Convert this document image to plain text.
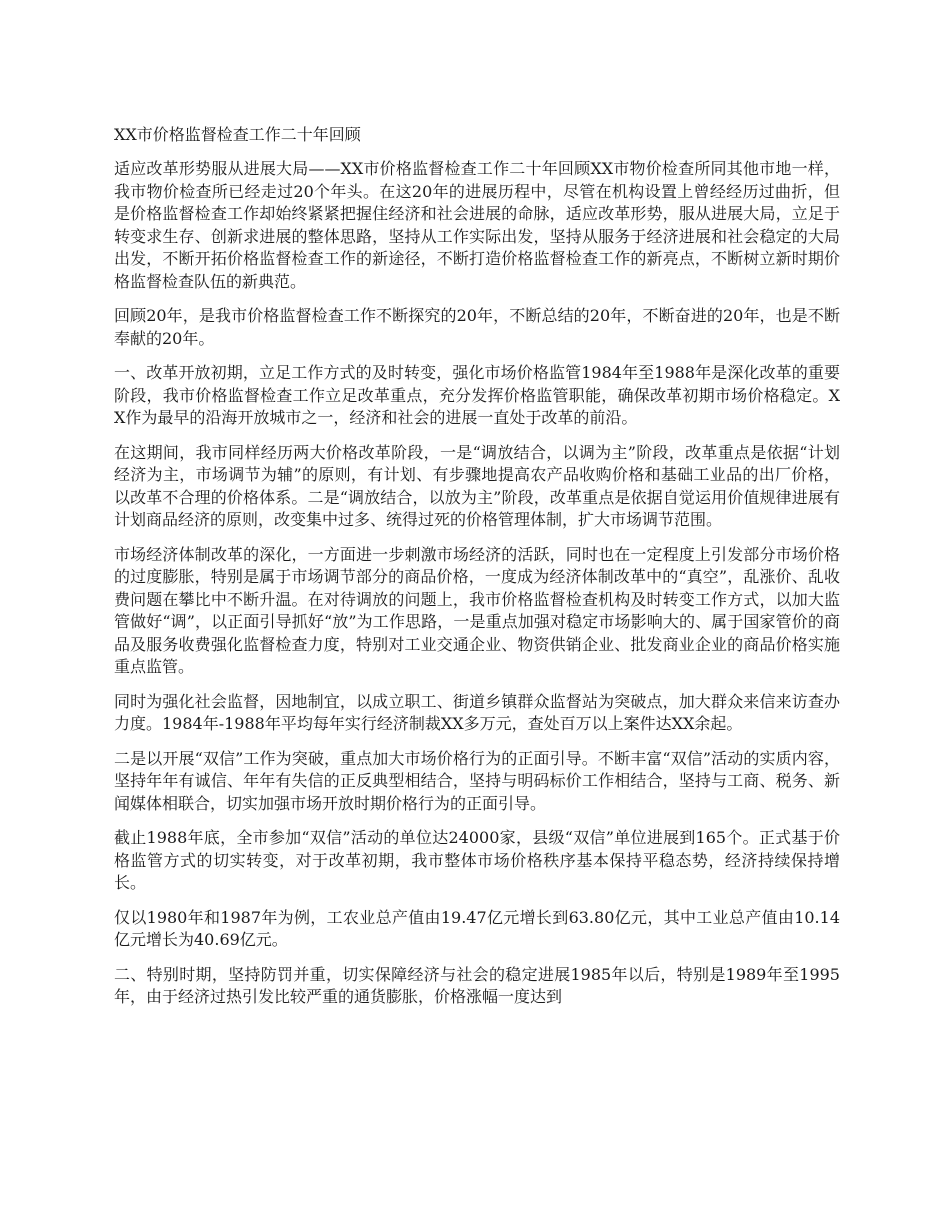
XX市价格监督检查工作二十年回顾

适应改革形势服从进展大局——XX市价格监督检查工作二十年回顾XX市物价检查所同其他市地一样，我市物价检查所已经走过20个年头。在这20年的进展历程中，尽管在机构设置上曾经经历过曲折，但是价格监督检查工作却始终紧紧把握住经济和社会进展的命脉，适应改革形势，服从进展大局，立足于转变求生存、创新求进展的整体思路，坚持从工作实际出发，坚持从服务于经济进展和社会稳定的大局出发，不断开拓价格监督检查工作的新途径，不断打造价格监督检查工作的新亮点，不断树立新时期价格监督检查队伍的新典范。

回顾20年，是我市价格监督检查工作不断探究的20年，不断总结的20年，不断奋进的20年，也是不断奉献的20年。

一、改革开放初期，立足工作方式的及时转变，强化市场价格监管1984年至1988年是深化改革的重要阶段，我市价格监督检查工作立足改革重点，充分发挥价格监管职能，确保改革初期市场价格稳定。XX作为最早的沿海开放城市之一，经济和社会的进展一直处于改革的前沿。

在这期间，我市同样经历两大价格改革阶段，一是“调放结合，以调为主”阶段，改革重点是依据“计划经济为主，市场调节为辅”的原则，有计划、有步骤地提高农产品收购价格和基础工业品的出厂价格，以改革不合理的价格体系。二是“调放结合，以放为主”阶段，改革重点是依据自觉运用价值规律进展有计划商品经济的原则，改变集中过多、统得过死的价格管理体制，扩大市场调节范围。

市场经济体制改革的深化，一方面进一步刺激市场经济的活跃，同时也在一定程度上引发部分市场价格的过度膨胀，特别是属于市场调节部分的商品价格，一度成为经济体制改革中的“真空”，乱涨价、乱收费问题在攀比中不断升温。在对待调放的问题上，我市价格监督检查机构及时转变工作方式，以加大监管做好“调”，以正面引导抓好“放”为工作思路，一是重点加强对稳定市场影响大的、属于国家管价的商品及服务收费强化监督检查力度，特别对工业交通企业、物资供销企业、批发商业企业的商品价格实施重点监管。

同时为强化社会监督，因地制宜，以成立职工、街道乡镇群众监督站为突破点，加大群众来信来访查办力度。1984年-1988年平均每年实行经济制裁XX多万元，查处百万以上案件达XX余起。

二是以开展“双信”工作为突破，重点加大市场价格行为的正面引导。不断丰富“双信”活动的实质内容，坚持年年有诚信、年年有失信的正反典型相结合，坚持与明码标价工作相结合，坚持与工商、税务、新闻媒体相联合，切实加强市场开放时期价格行为的正面引导。

截止1988年底，全市参加“双信”活动的单位达24000家，县级“双信”单位进展到165个。正式基于价格监管方式的切实转变，对于改革初期，我市整体市场价格秩序基本保持平稳态势，经济持续保持增长。

仅以1980年和1987年为例，工农业总产值由19.47亿元增长到63.80亿元，其中工业总产值由10.14亿元增长为40.69亿元。

二、特别时期，坚持防罚并重，切实保障经济与社会的稳定进展1985年以后，特别是1989年至1995年，由于经济过热引发比较严重的通货膨胀，价格涨幅一度达到
